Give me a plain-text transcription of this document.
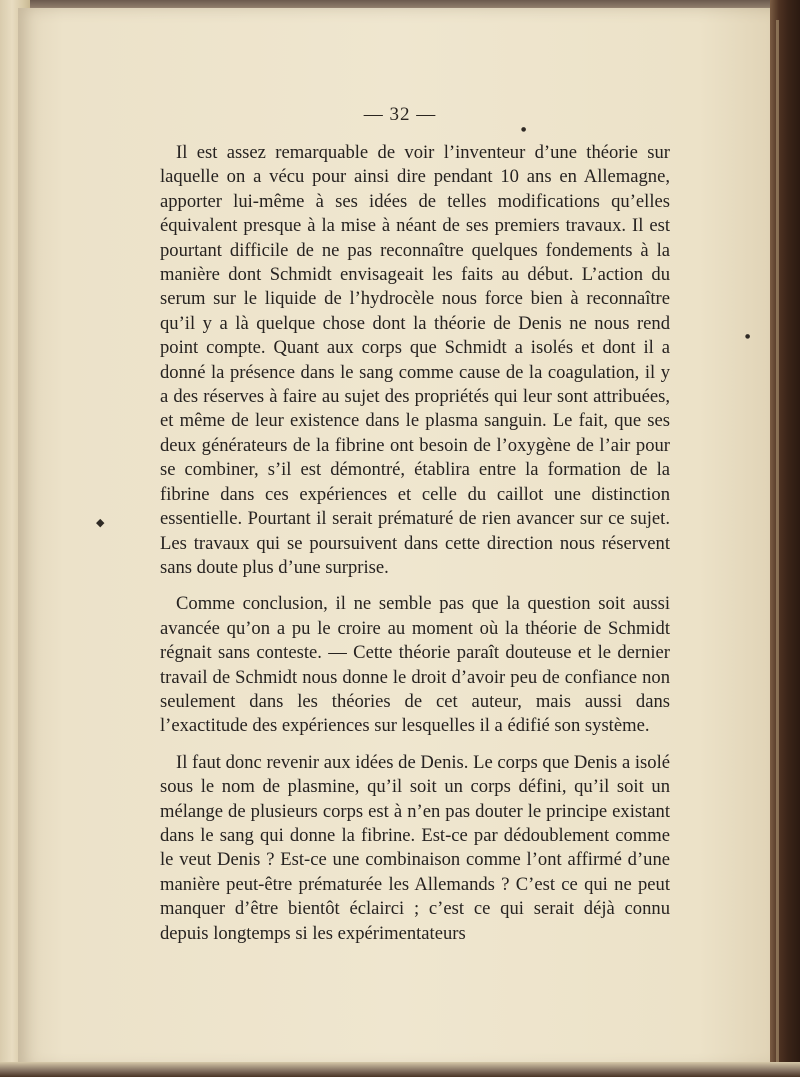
— 32 —

Il est assez remarquable de voir l’inventeur d’une théorie sur laquelle on a vécu pour ainsi dire pendant 10 ans en Allemagne, apporter lui-même à ses idées de telles modifications qu’elles équivalent presque à la mise à néant de ses premiers travaux. Il est pourtant difficile de ne pas reconnaître quelques fondements à la manière dont Schmidt envisageait les faits au début. L’action du serum sur le liquide de l’hydrocèle nous force bien à reconnaître qu’il y a là quelque chose dont la théorie de Denis ne nous rend point compte. Quant aux corps que Schmidt a isolés et dont il a donné la présence dans le sang comme cause de la coagulation, il y a des réserves à faire au sujet des propriétés qui leur sont attribuées, et même de leur existence dans le plasma sanguin. Le fait, que ses deux générateurs de la fibrine ont besoin de l’oxygène de l’air pour se combiner, s’il est démontré, établira entre la formation de la fibrine dans ces expériences et celle du caillot une distinction essentielle. Pourtant il serait prématuré de rien avancer sur ce sujet. Les travaux qui se poursuivent dans cette direction nous réservent sans doute plus d’une surprise.

Comme conclusion, il ne semble pas que la question soit aussi avancée qu’on a pu le croire au moment où la théorie de Schmidt régnait sans conteste. — Cette théorie paraît douteuse et le dernier travail de Schmidt nous donne le droit d’avoir peu de confiance non seulement dans les théories de cet auteur, mais aussi dans l’exactitude des expériences sur lesquelles il a édifié son système.

Il faut donc revenir aux idées de Denis. Le corps que Denis a isolé sous le nom de plasmine, qu’il soit un corps défini, qu’il soit un mélange de plusieurs corps est à n’en pas douter le principe existant dans le sang qui donne la fibrine. Est-ce par dédoublement comme le veut Denis ? Est-ce une combinaison comme l’ont affirmé d’une manière peut-être prématurée les Allemands ? C’est ce qui ne peut manquer d’être bientôt éclairci ; c’est ce qui serait déjà connu depuis longtemps si les expérimentateurs

◆
●
●
